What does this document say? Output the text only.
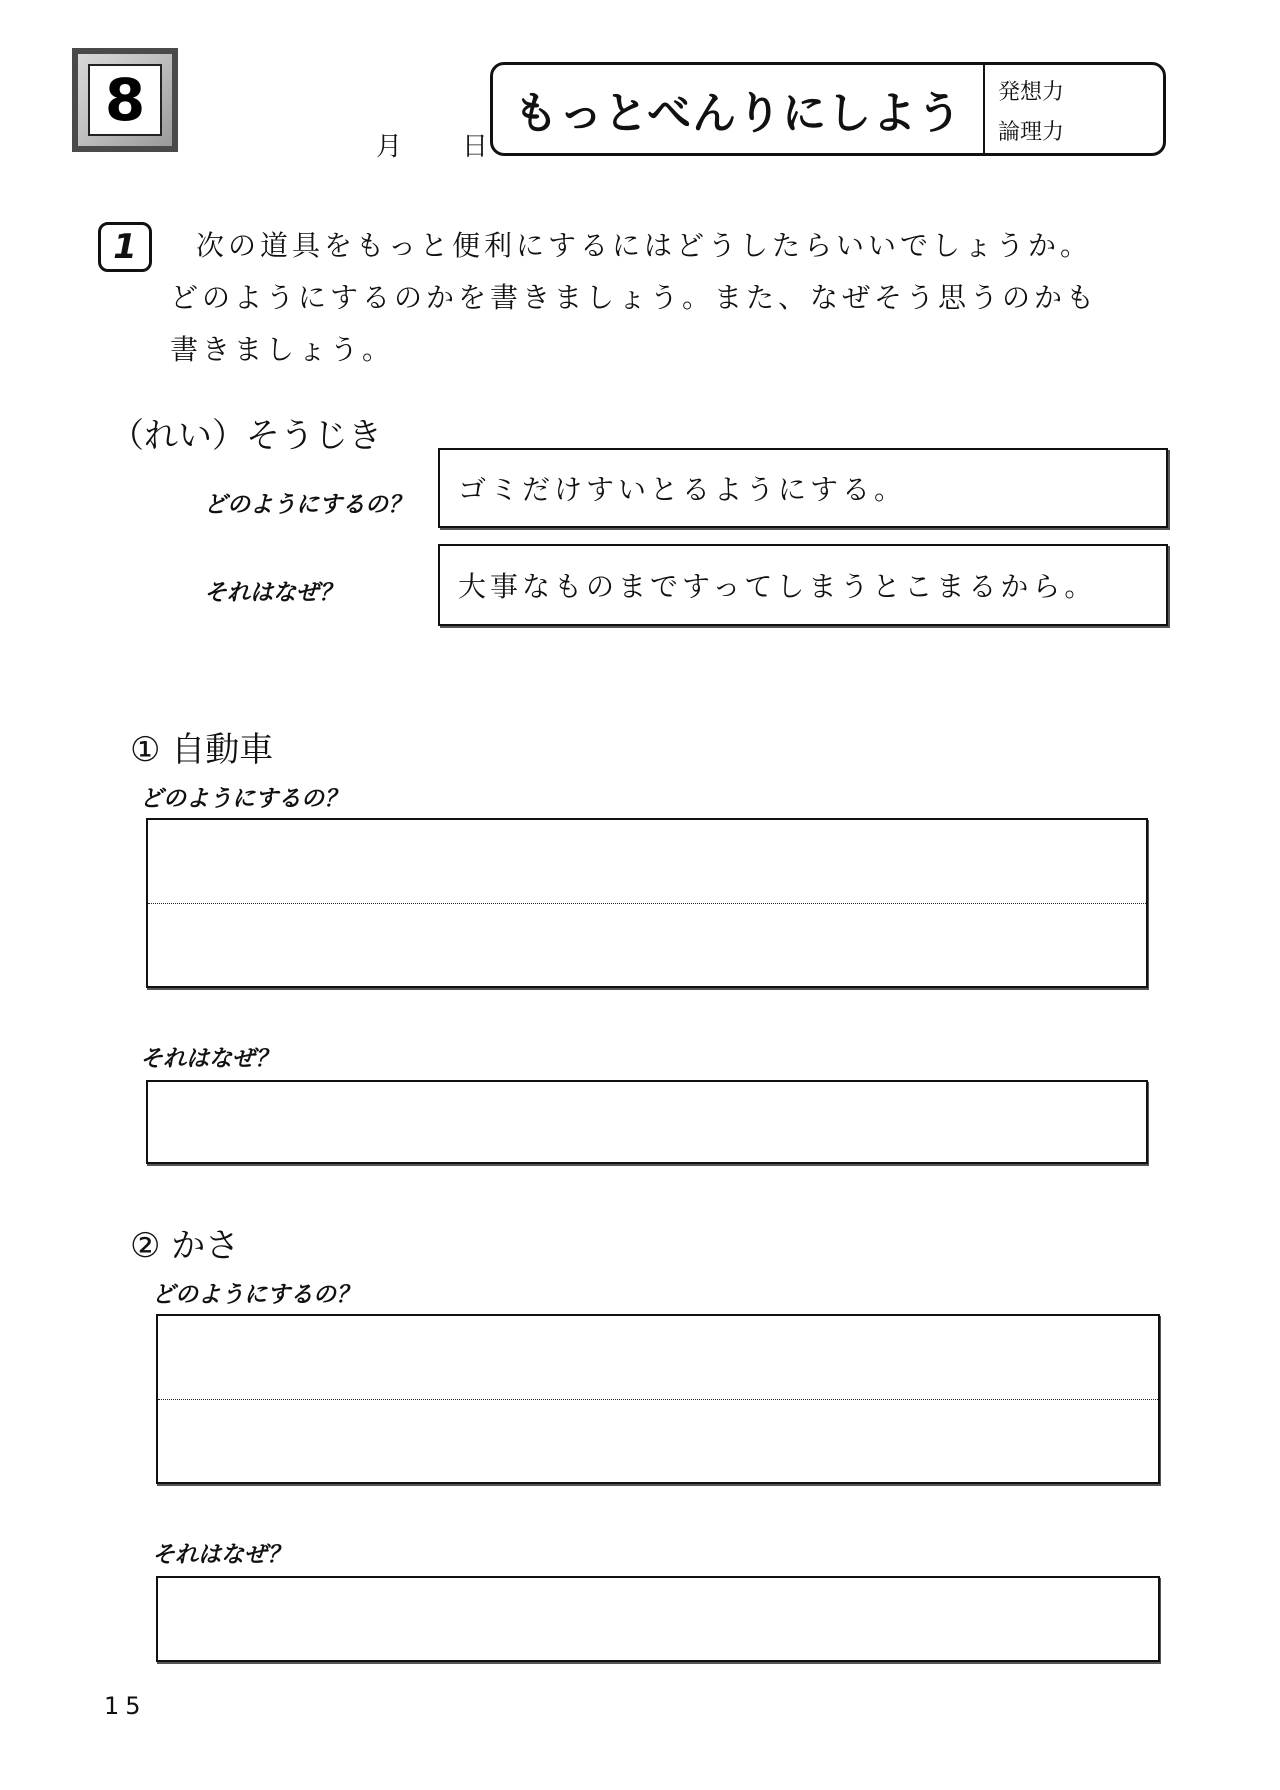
8
月 日
もっとべんりにしよう	発想力
論理力
1	次の道具をもっと便利にするにはどうしたらいいでしょうか。
どのようにするのかを書きましょう。また、なぜそう思うのかも
書きましょう。
（れい）そうじき
どのようにするの？ ゴミだけすいとるようにする。
それはなぜ？	大事なものまですってしまうとこまるから。
① 自動車
どのようにするの？
それはなぜ？
② かさ
どのようにするの？
それはなぜ？
15
